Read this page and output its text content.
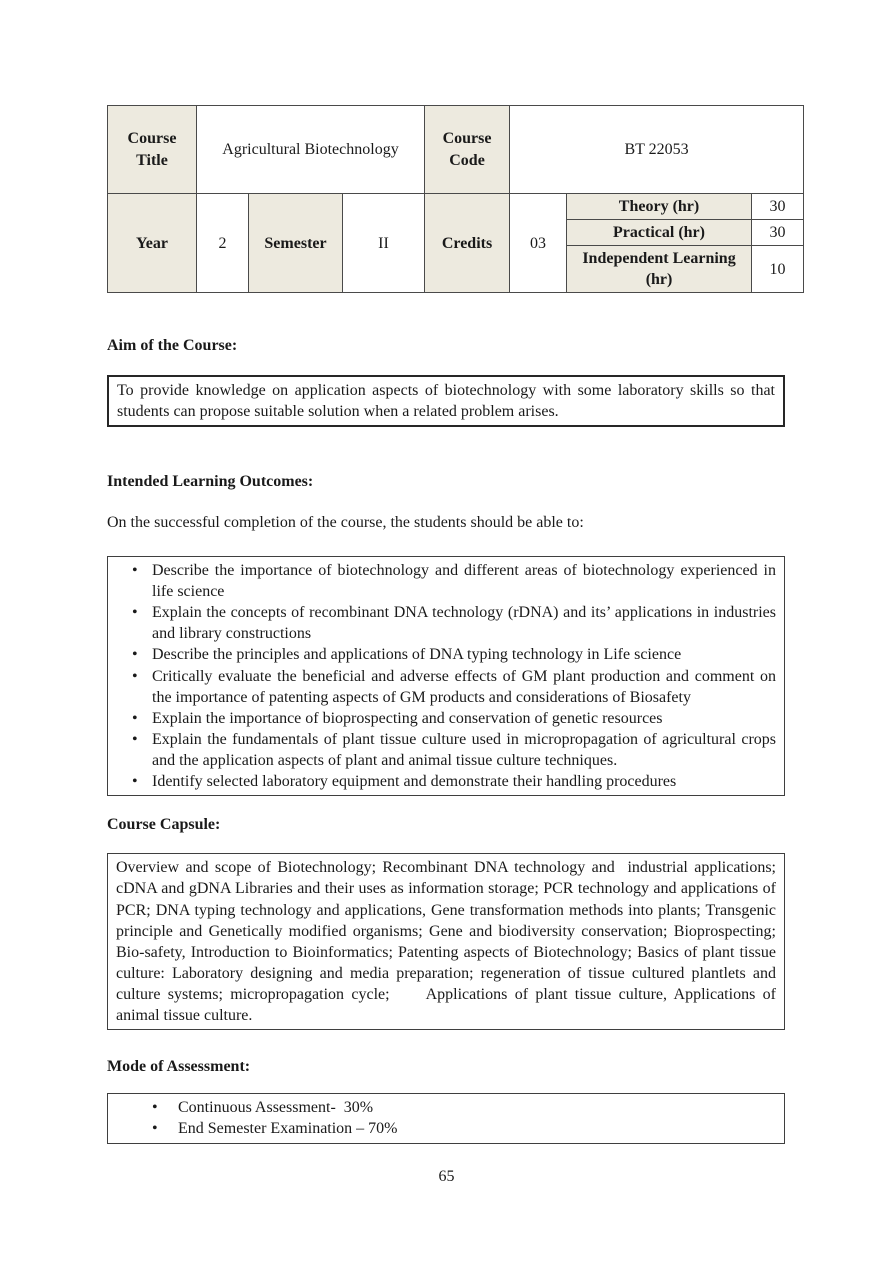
Course Title	Agricultural Biotechnology			Course Code	BT 22053		
Year	2	Semester	II	Credits	03	Theory (hr)	30
						Practical (hr)	30
						Independent Learning (hr)	10

Aim of the Course:

To provide knowledge on application aspects of biotechnology with some laboratory skills so that students can propose suitable solution when a related problem arises.

Intended Learning Outcomes:

On the successful completion of the course, the students should be able to:

• Describe the importance of biotechnology and different areas of biotechnology experienced in life science
• Explain the concepts of recombinant DNA technology (rDNA) and its’ applications in industries and library constructions
• Describe the principles and applications of DNA typing technology in Life science
• Critically evaluate the beneficial and adverse effects of GM plant production and comment on the importance of patenting aspects of GM products and considerations of Biosafety
• Explain the importance of bioprospecting and conservation of genetic resources
• Explain the fundamentals of plant tissue culture used in micropropagation of agricultural crops and the application aspects of plant and animal tissue culture techniques.
• Identify selected laboratory equipment and demonstrate their handling procedures

Course Capsule:

Overview and scope of Biotechnology; Recombinant DNA technology and  industrial applications; cDNA and gDNA Libraries and their uses as information storage; PCR technology and applications of PCR; DNA typing technology and applications, Gene transformation methods into plants; Transgenic principle and Genetically modified organisms; Gene and biodiversity conservation; Bioprospecting; Bio-safety, Introduction to Bioinformatics; Patenting aspects of Biotechnology; Basics of plant tissue culture: Laboratory designing and media preparation; regeneration of tissue cultured plantlets and culture systems; micropropagation cycle;     Applications of plant tissue culture, Applications of animal tissue culture.

Mode of Assessment:

• Continuous Assessment-  30%
• End Semester Examination – 70%
65
